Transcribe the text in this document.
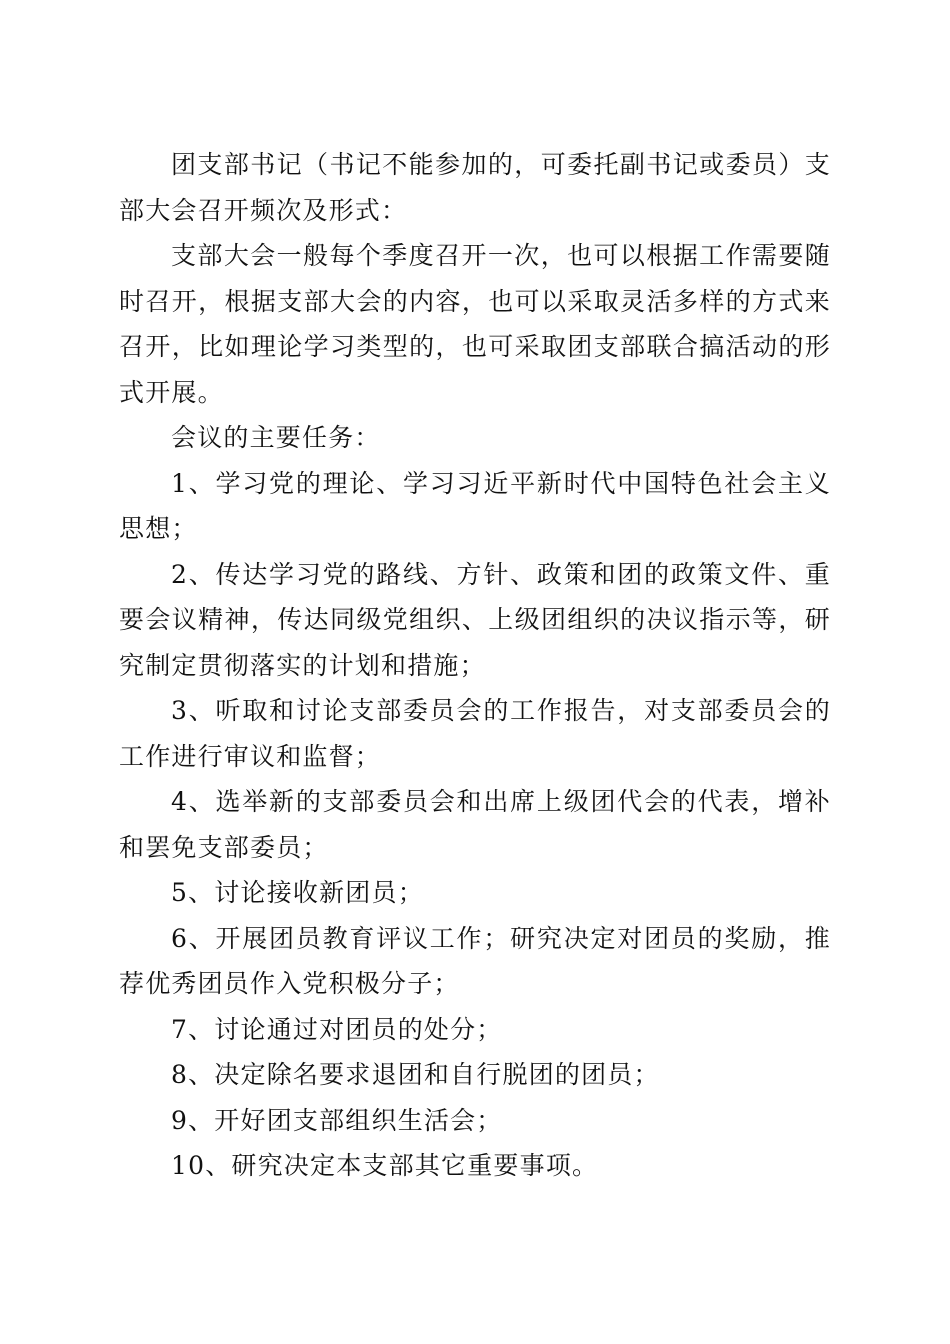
团支部书记（书记不能参加的，可委托副书记或委员）支部大会召开频次及形式：

支部大会一般每个季度召开一次，也可以根据工作需要随时召开，根据支部大会的内容，也可以采取灵活多样的方式来召开，比如理论学习类型的，也可采取团支部联合搞活动的形式开展。

会议的主要任务：

1、学习党的理论、学习习近平新时代中国特色社会主义思想；

2、传达学习党的路线、方针、政策和团的政策文件、重要会议精神，传达同级党组织、上级团组织的决议指示等，研究制定贯彻落实的计划和措施；

3、听取和讨论支部委员会的工作报告，对支部委员会的工作进行审议和监督；

4、选举新的支部委员会和出席上级团代会的代表，增补和罢免支部委员；

5、讨论接收新团员；

6、开展团员教育评议工作；研究决定对团员的奖励，推荐优秀团员作入党积极分子；

7、讨论通过对团员的处分；

8、决定除名要求退团和自行脱团的团员；

9、开好团支部组织生活会；

10、研究决定本支部其它重要事项。
